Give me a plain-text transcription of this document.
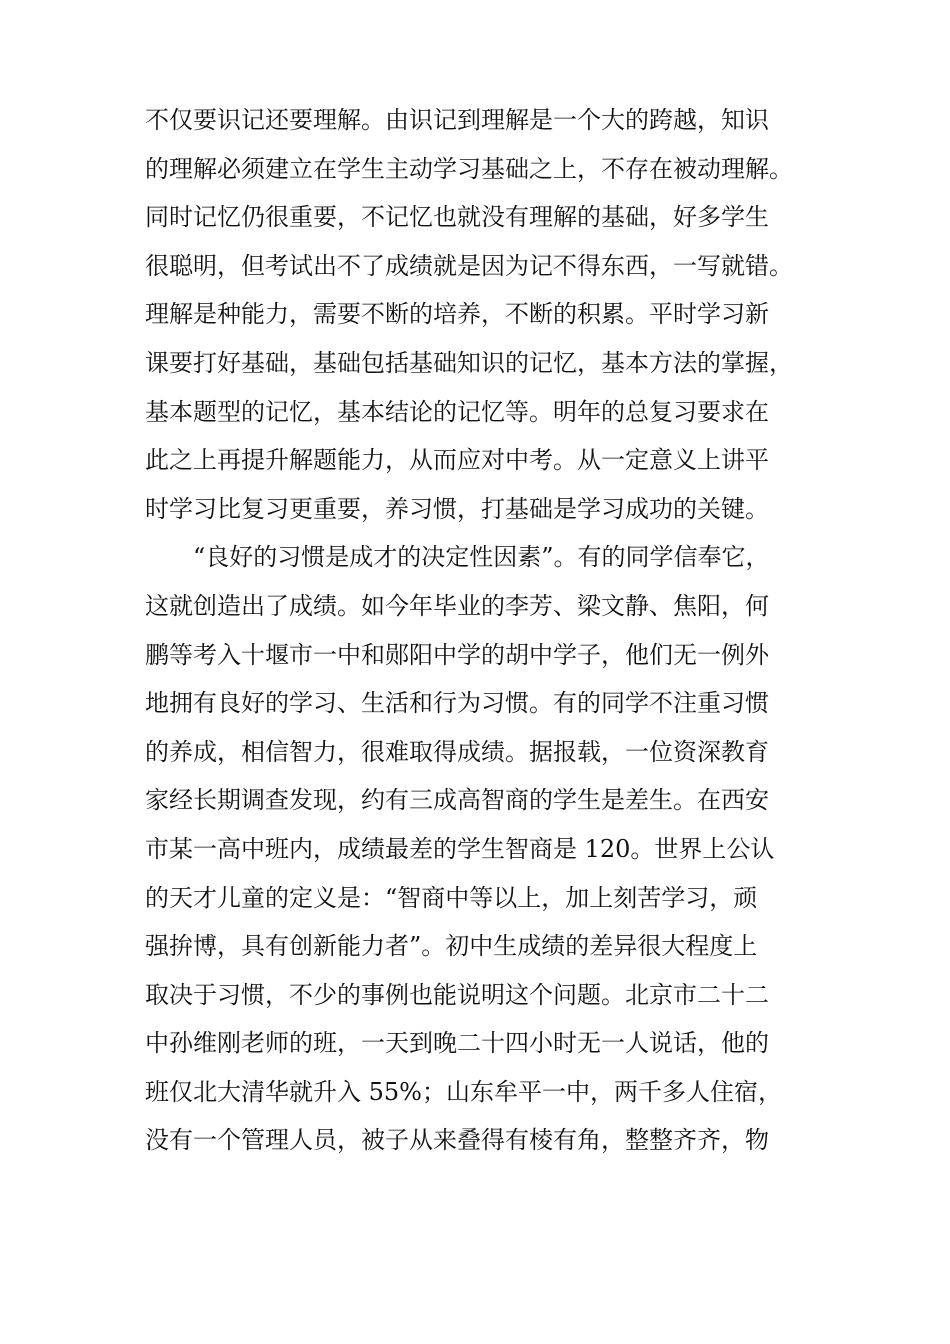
不仅要识记还要理解。由识记到理解是一个大的跨越，知识
的理解必须建立在学生主动学习基础之上，不存在被动理解。
同时记忆仍很重要，不记忆也就没有理解的基础，好多学生
很聪明，但考试出不了成绩就是因为记不得东西，一写就错。
理解是种能力，需要不断的培养，不断的积累。平时学习新
课要打好基础，基础包括基础知识的记忆，基本方法的掌握，
基本题型的记忆，基本结论的记忆等。明年的总复习要求在
此之上再提升解题能力，从而应对中考。从一定意义上讲平
时学习比复习更重要，养习惯，打基础是学习成功的关键。
“良好的习惯是成才的决定性因素”。有的同学信奉它，
这就创造出了成绩。如今年毕业的李芳、梁文静、焦阳，何
鹏等考入十堰市一中和郧阳中学的胡中学子，他们无一例外
地拥有良好的学习、生活和行为习惯。有的同学不注重习惯
的养成，相信智力，很难取得成绩。据报载，一位资深教育
家经长期调查发现，约有三成高智商的学生是差生。在西安
市某一高中班内，成绩最差的学生智商是 120。世界上公认
的天才儿童的定义是：“智商中等以上，加上刻苦学习，顽
强拚博，具有创新能力者”。初中生成绩的差异很大程度上
取决于习惯，不少的事例也能说明这个问题。北京市二十二
中孙维刚老师的班，一天到晚二十四小时无一人说话，他的
班仅北大清华就升入 55%；山东牟平一中，两千多人住宿，
没有一个管理人员，被子从来叠得有棱有角，整整齐齐，物
